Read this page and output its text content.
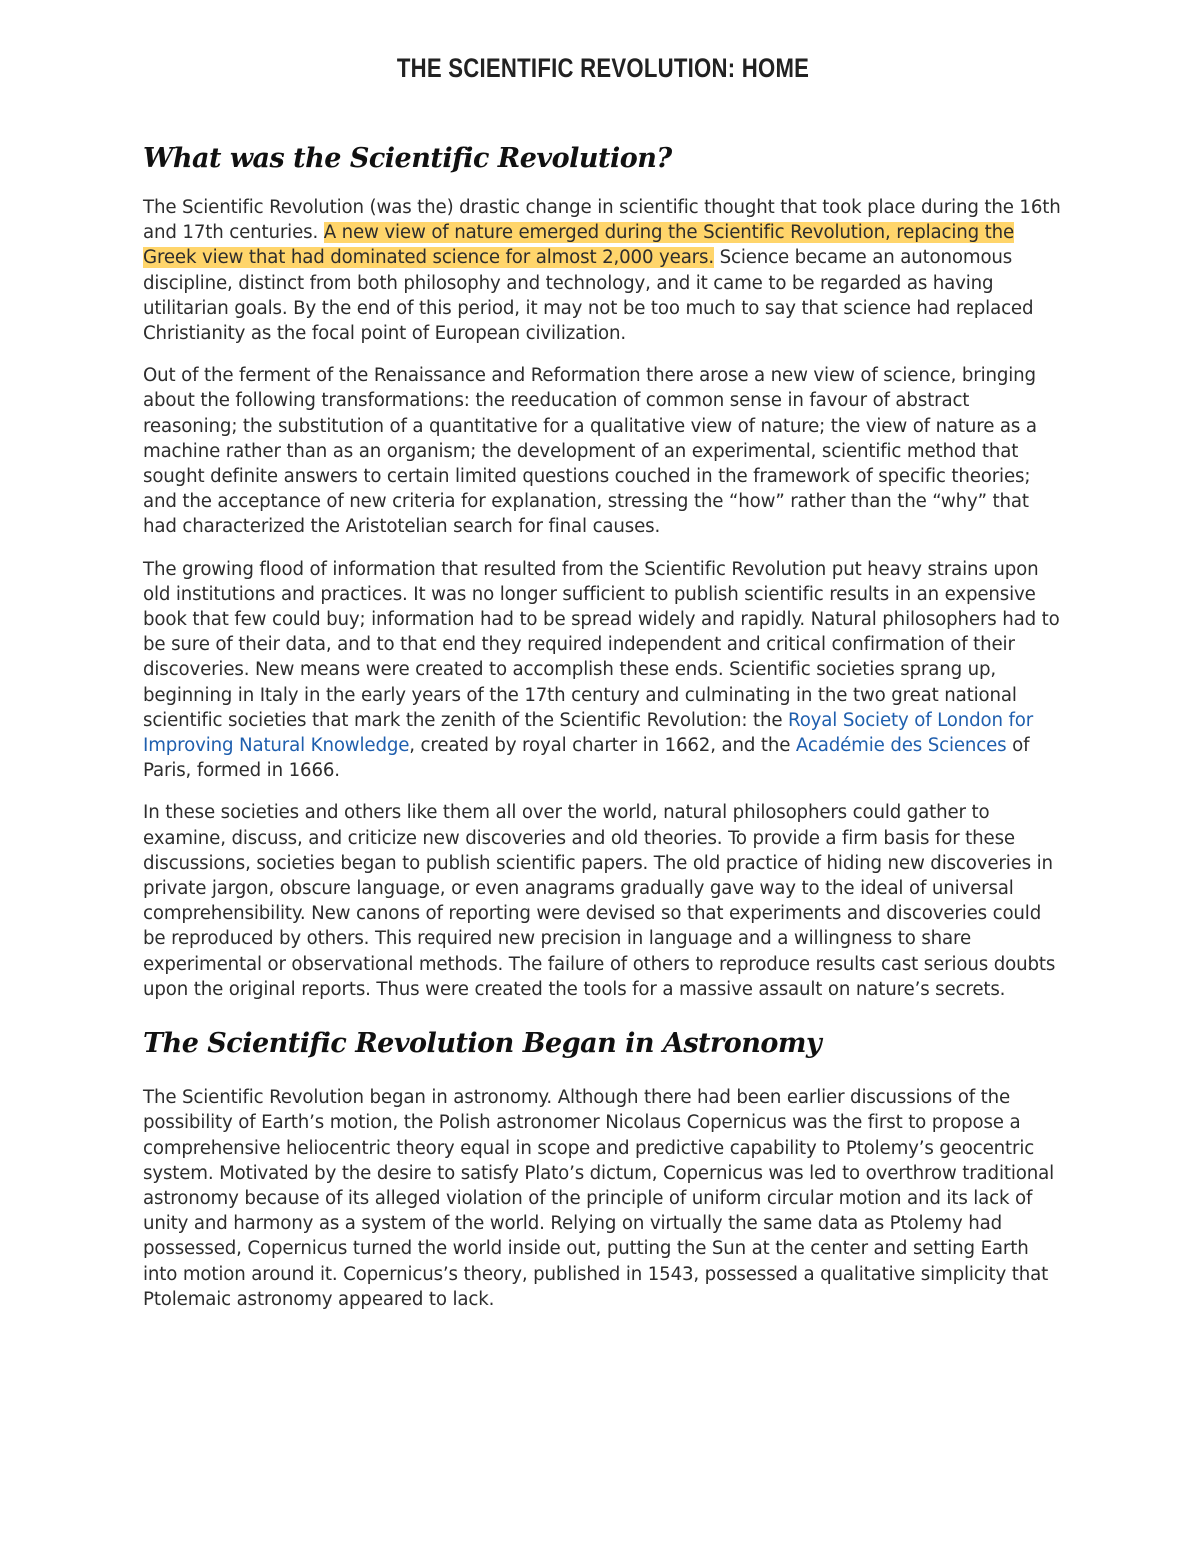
THE SCIENTIFIC REVOLUTION: HOME
What was the Scientific Revolution?

The Scientific Revolution (was the) drastic change in scientific thought that took place during the 16th and 17th centuries. A new view of nature emerged during the Scientific Revolution, replacing the Greek view that had dominated science for almost 2,000 years. Science became an autonomous discipline, distinct from both philosophy and technology, and it came to be regarded as having utilitarian goals. By the end of this period, it may not be too much to say that science had replaced Christianity as the focal point of European civilization.

Out of the ferment of the Renaissance and Reformation there arose a new view of science, bringing about the following transformations: the reeducation of common sense in favour of abstract reasoning; the substitution of a quantitative for a qualitative view of nature; the view of nature as a machine rather than as an organism; the development of an experimental, scientific method that sought definite answers to certain limited questions couched in the framework of specific theories; and the acceptance of new criteria for explanation, stressing the “how” rather than the “why” that had characterized the Aristotelian search for final causes.

The growing flood of information that resulted from the Scientific Revolution put heavy strains upon old institutions and practices. It was no longer sufficient to publish scientific results in an expensive book that few could buy; information had to be spread widely and rapidly. Natural philosophers had to be sure of their data, and to that end they required independent and critical confirmation of their discoveries. New means were created to accomplish these ends. Scientific societies sprang up, beginning in Italy in the early years of the 17th century and culminating in the two great national scientific societies that mark the zenith of the Scientific Revolution: the Royal Society of London for Improving Natural Knowledge, created by royal charter in 1662, and the Académie des Sciences of Paris, formed in 1666.

In these societies and others like them all over the world, natural philosophers could gather to examine, discuss, and criticize new discoveries and old theories. To provide a firm basis for these discussions, societies began to publish scientific papers. The old practice of hiding new discoveries in private jargon, obscure language, or even anagrams gradually gave way to the ideal of universal comprehensibility. New canons of reporting were devised so that experiments and discoveries could be reproduced by others. This required new precision in language and a willingness to share experimental or observational methods. The failure of others to reproduce results cast serious doubts upon the original reports. Thus were created the tools for a massive assault on nature’s secrets.

The Scientific Revolution Began in Astronomy

The Scientific Revolution began in astronomy. Although there had been earlier discussions of the possibility of Earth’s motion, the Polish astronomer Nicolaus Copernicus was the first to propose a comprehensive heliocentric theory equal in scope and predictive capability to Ptolemy’s geocentric system. Motivated by the desire to satisfy Plato’s dictum, Copernicus was led to overthrow traditional astronomy because of its alleged violation of the principle of uniform circular motion and its lack of unity and harmony as a system of the world. Relying on virtually the same data as Ptolemy had possessed, Copernicus turned the world inside out, putting the Sun at the center and setting Earth into motion around it. Copernicus’s theory, published in 1543, possessed a qualitative simplicity that Ptolemaic astronomy appeared to lack.
